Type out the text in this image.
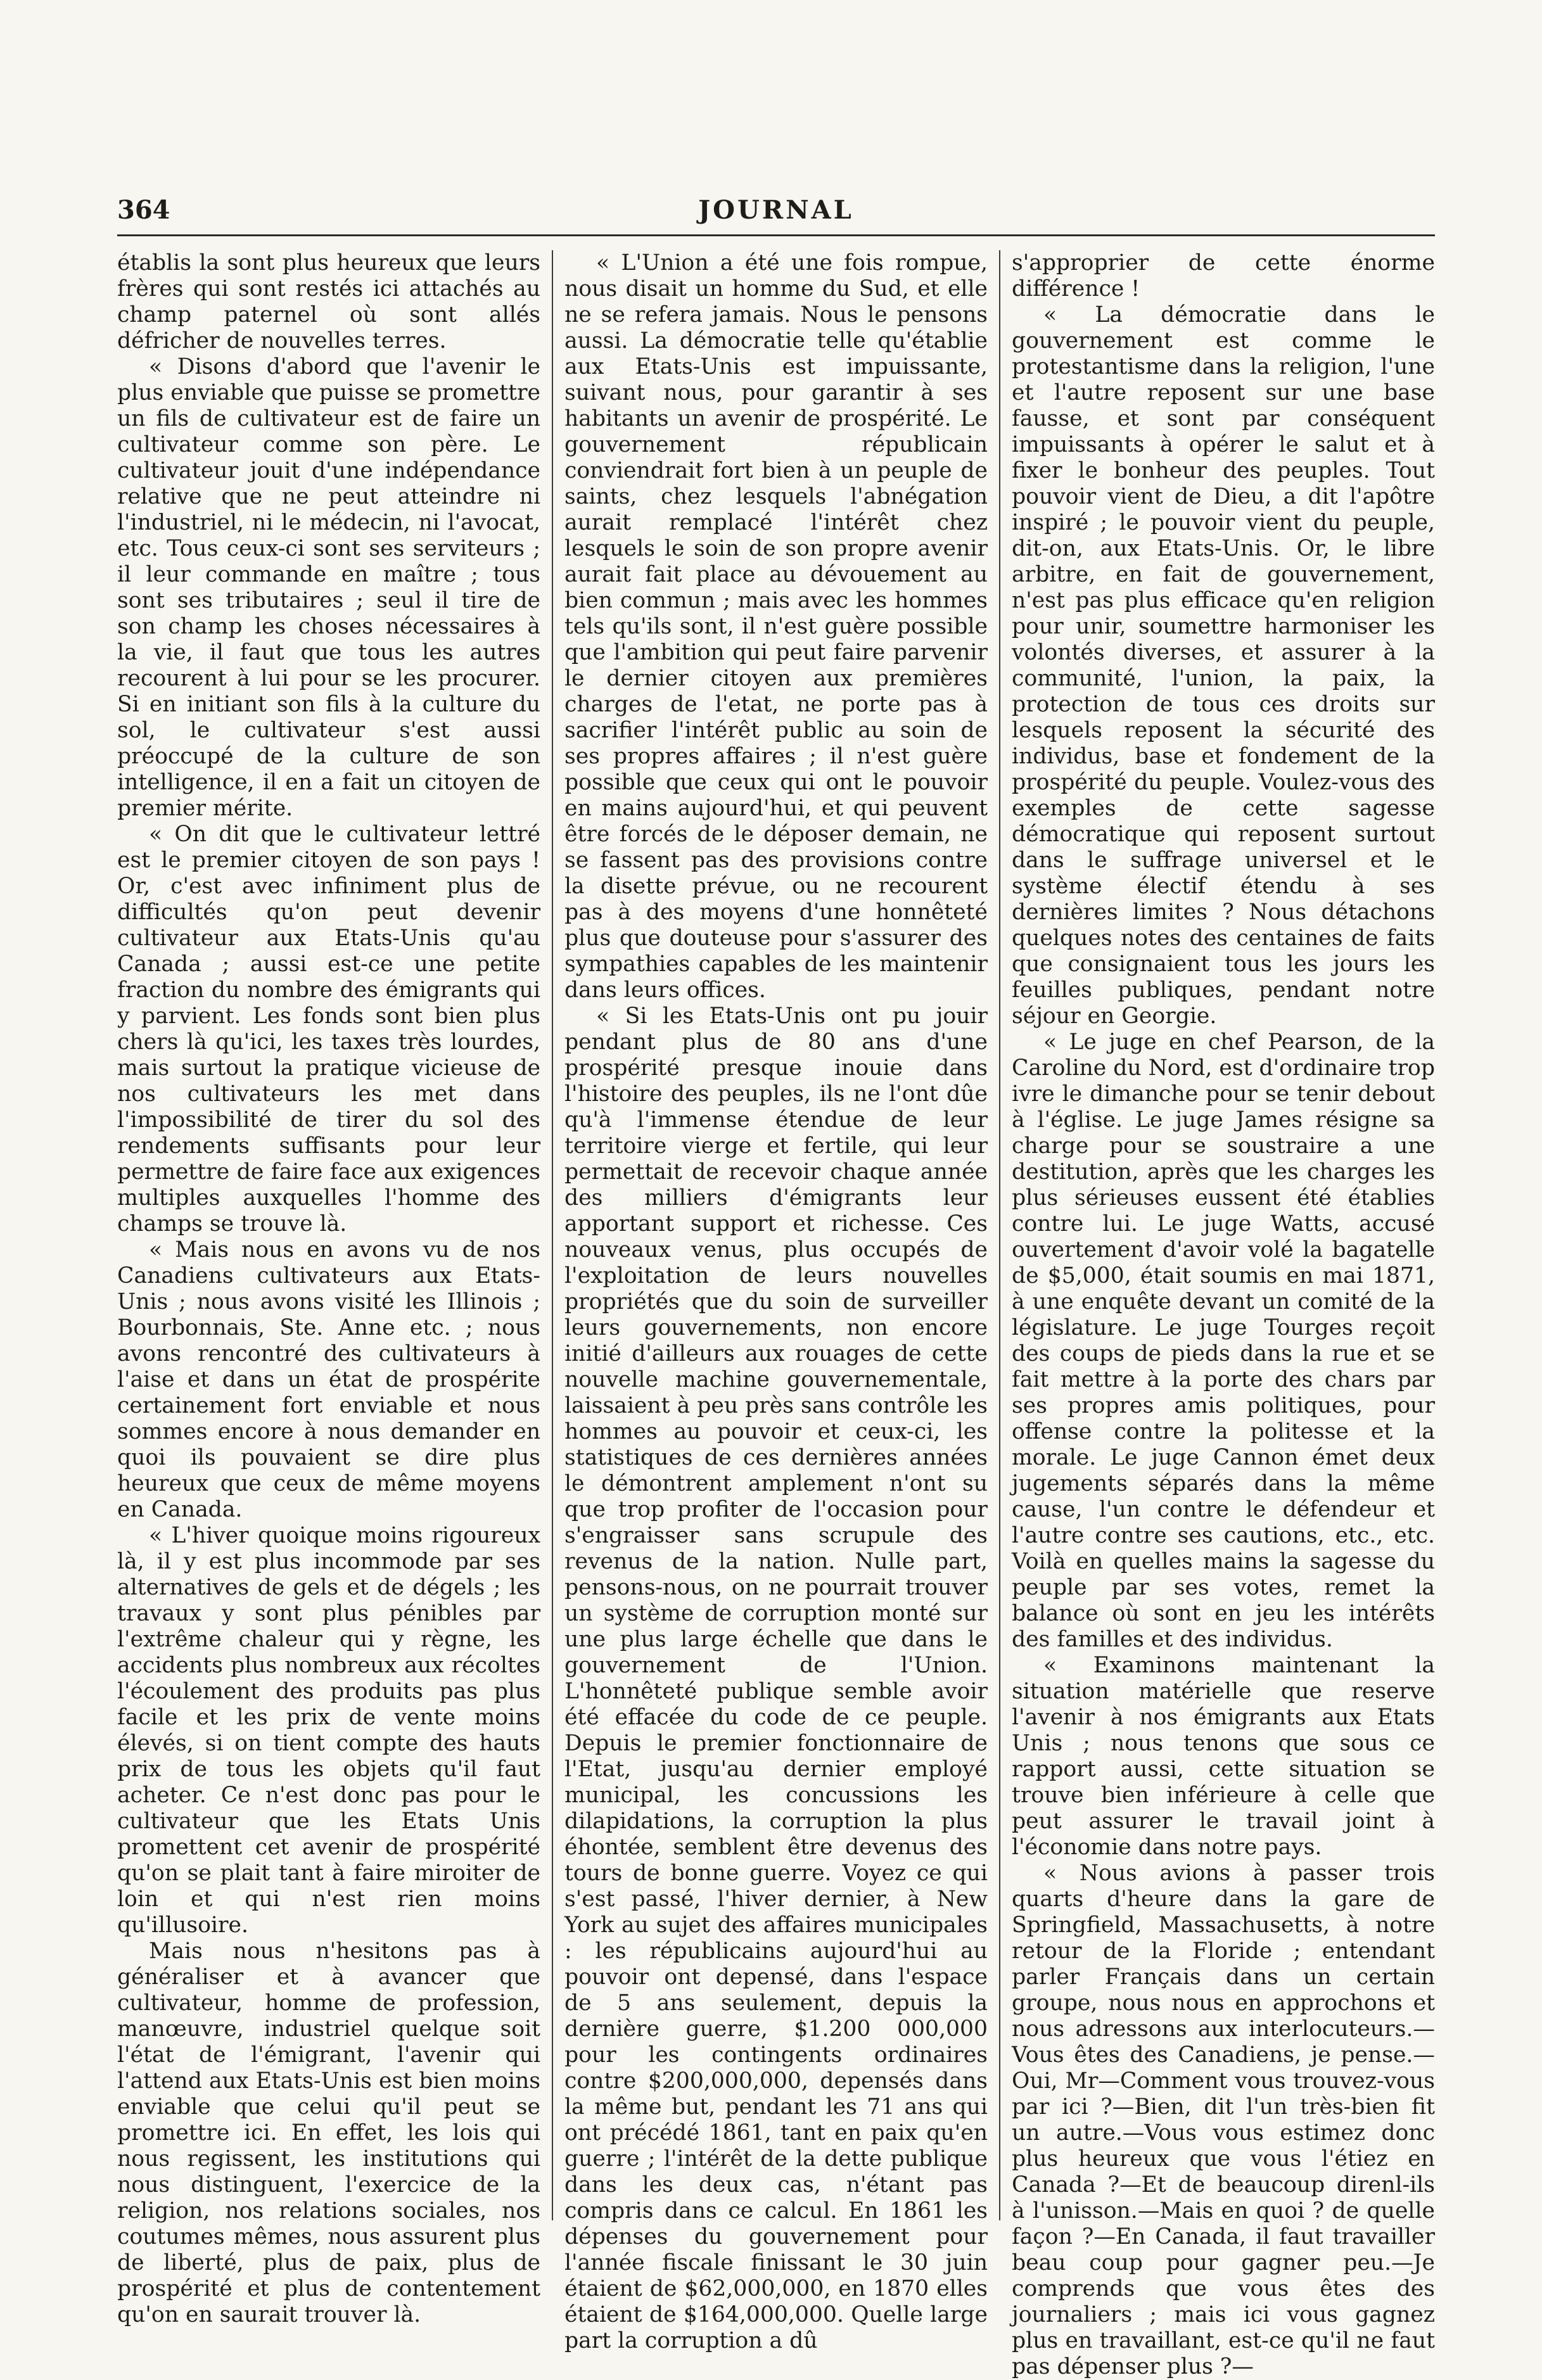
364	JOURNAL

établis la sont plus heureux que leurs frères qui sont restés ici attachés au champ paternel où sont allés défricher de nouvelles terres.

« Disons d'abord que l'avenir le plus enviable que puisse se promettre un fils de cultivateur est de faire un cultivateur comme son père. Le cultivateur jouit d'une indépendance relative que ne peut atteindre ni l'industriel, ni le médecin, ni l'avocat, etc. Tous ceux-ci sont ses serviteurs ; il leur commande en maître ; tous sont ses tributaires ; seul il tire de son champ les choses nécessaires à la vie, il faut que tous les autres recourent à lui pour se les procurer. Si en initiant son fils à la culture du sol, le cultivateur s'est aussi préoccupé de la culture de son intelligence, il en a fait un citoyen de premier mérite.

« On dit que le cultivateur lettré est le premier citoyen de son pays ! Or, c'est avec infiniment plus de difficultés qu'on peut devenir cultivateur aux Etats-Unis qu'au Canada ; aussi est-ce une petite fraction du nombre des émigrants qui y parvient. Les fonds sont bien plus chers là qu'ici, les taxes très lourdes, mais surtout la pratique vicieuse de nos cultivateurs les met dans l'impossibilité de tirer du sol des rendements suffisants pour leur permettre de faire face aux exigences multiples auxquelles l'homme des champs se trouve là.

« Mais nous en avons vu de nos Canadiens cultivateurs aux Etats-Unis ; nous avons visité les Illinois ; Bourbonnais, Ste. Anne etc. ; nous avons rencontré des cultivateurs à l'aise et dans un état de prospérite certainement fort enviable et nous sommes encore à nous demander en quoi ils pouvaient se dire plus heureux que ceux de même moyens en Canada.

« L'hiver quoique moins rigoureux là, il y est plus incommode par ses alternatives de gels et de dégels ; les travaux y sont plus pénibles par l'extrême chaleur qui y règne, les accidents plus nombreux aux récoltes l'écoulement des produits pas plus facile et les prix de vente moins élevés, si on tient compte des hauts prix de tous les objets qu'il faut acheter. Ce n'est donc pas pour le cultivateur que les Etats Unis promettent cet avenir de prospérité qu'on se plait tant à faire miroiter de loin et qui n'est rien moins qu'illusoire.

Mais nous n'hesitons pas à généraliser et à avancer que cultivateur, homme de profession, manœuvre, industriel quelque soit l'état de l'émigrant, l'avenir qui l'attend aux Etats-Unis est bien moins enviable que celui qu'il peut se promettre ici. En effet, les lois qui nous regissent, les institutions qui nous distinguent, l'exercice de la religion, nos relations sociales, nos coutumes mêmes, nous assurent plus de liberté, plus de paix, plus de prospérité et plus de contentement qu'on en saurait trouver là.

« L'Union a été une fois rompue, nous disait un homme du Sud, et elle ne se refera jamais. Nous le pensons aussi. La démocratie telle qu'établie aux Etats-Unis est impuissante, suivant nous, pour garantir à ses habitants un avenir de prospérité. Le gouvernement républicain conviendrait fort bien à un peuple de saints, chez lesquels l'abnégation aurait remplacé l'intérêt chez lesquels le soin de son propre avenir aurait fait place au dévouement au bien commun ; mais avec les hommes tels qu'ils sont, il n'est guère possible que l'ambition qui peut faire parvenir le dernier citoyen aux premières charges de l'etat, ne porte pas à sacrifier l'intérêt public au soin de ses propres affaires ; il n'est guère possible que ceux qui ont le pouvoir en mains aujourd'hui, et qui peuvent être forcés de le déposer demain, ne se fassent pas des provisions contre la disette prévue, ou ne recourent pas à des moyens d'une honnêteté plus que douteuse pour s'assurer des sympathies capables de les maintenir dans leurs offices.

« Si les Etats-Unis ont pu jouir pendant plus de 80 ans d'une prospérité presque inouie dans l'histoire des peuples, ils ne l'ont dûe qu'à l'immense étendue de leur territoire vierge et fertile, qui leur permettait de recevoir chaque année des milliers d'émigrants leur apportant support et richesse. Ces nouveaux venus, plus occupés de l'exploitation de leurs nouvelles propriétés que du soin de surveiller leurs gouvernements, non encore initié d'ailleurs aux rouages de cette nouvelle machine gouvernementale, laissaient à peu près sans contrôle les hommes au pouvoir et ceux-ci, les statistiques de ces dernières années le démontrent amplement n'ont su que trop profiter de l'occasion pour s'engraisser sans scrupule des revenus de la nation. Nulle part, pensons-nous, on ne pourrait trouver un système de corruption monté sur une plus large échelle que dans le gouvernement de l'Union. L'honnêteté publique semble avoir été effacée du code de ce peuple. Depuis le premier fonctionnaire de l'Etat, jusqu'au dernier employé municipal, les concussions les dilapidations, la corruption la plus éhontée, semblent être devenus des tours de bonne guerre. Voyez ce qui s'est passé, l'hiver dernier, à New York au sujet des affaires municipales : les républicains aujourd'hui au pouvoir ont depensé, dans l'espace de 5 ans seulement, depuis la dernière guerre, $1.200 000,000 pour les contingents ordinaires contre $200,000,000, depensés dans la même but, pendant les 71 ans qui ont précédé 1861, tant en paix qu'en guerre ; l'intérêt de la dette publique dans les deux cas, n'étant pas compris dans ce calcul. En 1861 les dépenses du gouvernement pour l'année fiscale finissant le 30 juin étaient de $62,000,000, en 1870 elles étaient de $164,000,000. Quelle large part la corruption a dû

s'approprier de cette énorme différence !

« La démocratie dans le gouvernement est comme le protestantisme dans la religion, l'une et l'autre reposent sur une base fausse, et sont par conséquent impuissants à opérer le salut et à fixer le bonheur des peuples. Tout pouvoir vient de Dieu, a dit l'apôtre inspiré ; le pouvoir vient du peuple, dit-on, aux Etats-Unis. Or, le libre arbitre, en fait de gouvernement, n'est pas plus efficace qu'en religion pour unir, soumettre harmoniser les volontés diverses, et assurer à la communité, l'union, la paix, la protection de tous ces droits sur lesquels reposent la sécurité des individus, base et fondement de la prospérité du peuple. Voulez-vous des exemples de cette sagesse démocratique qui reposent surtout dans le suffrage universel et le système électif étendu à ses dernières limites ? Nous détachons quelques notes des centaines de faits que consignaient tous les jours les feuilles publiques, pendant notre séjour en Georgie.

« Le juge en chef Pearson, de la Caroline du Nord, est d'ordinaire trop ivre le dimanche pour se tenir debout à l'église. Le juge James résigne sa charge pour se soustraire a une destitution, après que les charges les plus sérieuses eussent été établies contre lui. Le juge Watts, accusé ouvertement d'avoir volé la bagatelle de $5,000, était soumis en mai 1871, à une enquête devant un comité de la législature. Le juge Tourges reçoit des coups de pieds dans la rue et se fait mettre à la porte des chars par ses propres amis politiques, pour offense contre la politesse et la morale. Le juge Cannon émet deux jugements séparés dans la même cause, l'un contre le défendeur et l'autre contre ses cautions, etc., etc. Voilà en quelles mains la sagesse du peuple par ses votes, remet la balance où sont en jeu les intérêts des familles et des individus.

« Examinons maintenant la situation matérielle que reserve l'avenir à nos émigrants aux Etats Unis ; nous tenons que sous ce rapport aussi, cette situation se trouve bien inférieure à celle que peut assurer le travail joint à l'économie dans notre pays.

« Nous avions à passer trois quarts d'heure dans la gare de Springfield, Massachusetts, à notre retour de la Floride ; entendant parler Français dans un certain groupe, nous nous en approchons et nous adressons aux interlocuteurs.—Vous êtes des Canadiens, je pense.—Oui, Mr—Comment vous trouvez-vous par ici ?—Bien, dit l'un très-bien fit un autre.—Vous vous estimez donc plus heureux que vous l'étiez en Canada ?—Et de beaucoup direnl-ils à l'unisson.—Mais en quoi ? de quelle façon ?—En Canada, il faut travailler beau coup pour gagner peu.—Je comprends que vous êtes des journaliers ; mais ici vous gagnez plus en travaillant, est-ce qu'il ne faut pas dépenser plus ?—
